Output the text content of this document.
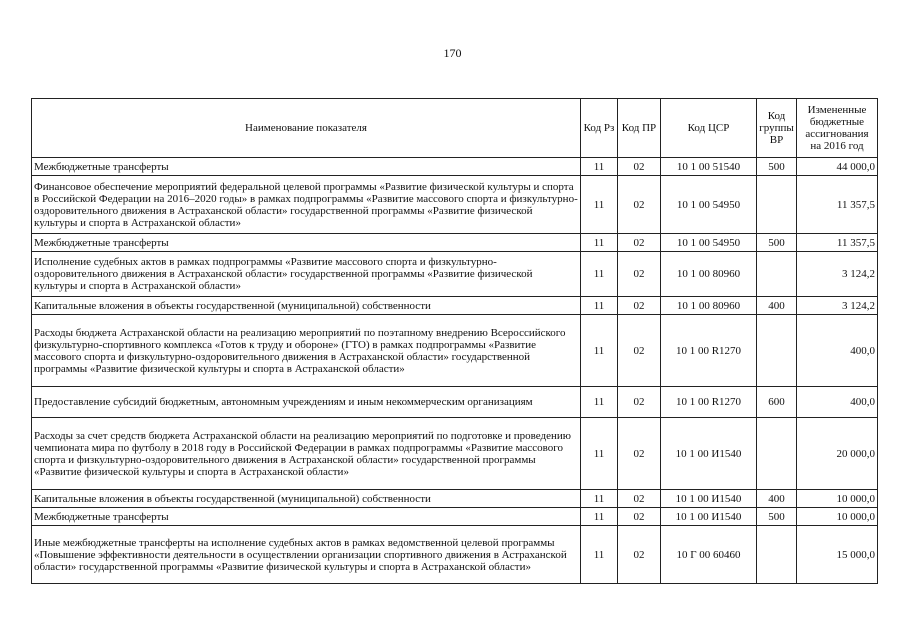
170
Наименование показателя	Код Рз	Код ПР	Код ЦСР	Код группы ВР	Измененные бюджетные ассигнования на 2016 год
Межбюджетные трансферты	11	02	10 1 00 51540	500	44 000,0
Финансовое обеспечение мероприятий федеральной целевой программы «Развитие физической культуры и спорта в Российской Федерации на 2016–2020 годы» в рамках подпрограммы «Развитие массового спорта и физкультурно-оздоровительного движения в Астраханской области» государственной программы «Развитие физической культуры и спорта в Астраханской области»	11	02	10 1 00 54950		11 357,5
Межбюджетные трансферты	11	02	10 1 00 54950	500	11 357,5
Исполнение судебных актов в рамках подпрограммы «Развитие массового спорта и физкультурно-оздоровительного движения в Астраханской области» государственной программы «Развитие физической культуры и спорта в Астраханской области»	11	02	10 1 00 80960		3 124,2
Капитальные вложения в объекты государственной (муниципальной) собственности	11	02	10 1 00 80960	400	3 124,2
Расходы бюджета Астраханской области на реализацию мероприятий по поэтапному внедрению Всероссийского физкультурно-спортивного комплекса «Готов к труду и обороне» (ГТО) в рамках подпрограммы «Развитие массового спорта и физкультурно-оздоровительного движения в Астраханской области» государственной программы «Развитие физической культуры и спорта в Астраханской области»	11	02	10 1 00 R1270		400,0
Предоставление субсидий бюджетным, автономным учреждениям и иным некоммерческим организациям	11	02	10 1 00 R1270	600	400,0
Расходы за счет средств бюджета Астраханской области на реализацию мероприятий по подготовке и проведению чемпионата мира по футболу в 2018 году в Российской Федерации в рамках подпрограммы «Развитие массового спорта и физкультурно-оздоровительного движения в Астраханской области» государственной программы «Развитие физической культуры и спорта в Астраханской области»	11	02	10 1 00 И1540		20 000,0
Капитальные вложения в объекты государственной (муниципальной) собственности	11	02	10 1 00 И1540	400	10 000,0
Межбюджетные трансферты	11	02	10 1 00 И1540	500	10 000,0
Иные межбюджетные трансферты на исполнение судебных актов в рамках ведомственной целевой программы «Повышение эффективности деятельности в осуществлении организации спортивного движения в Астраханской области» государственной программы «Развитие физической культуры и спорта в Астраханской области»	11	02	10 Г 00 60460		15 000,0
